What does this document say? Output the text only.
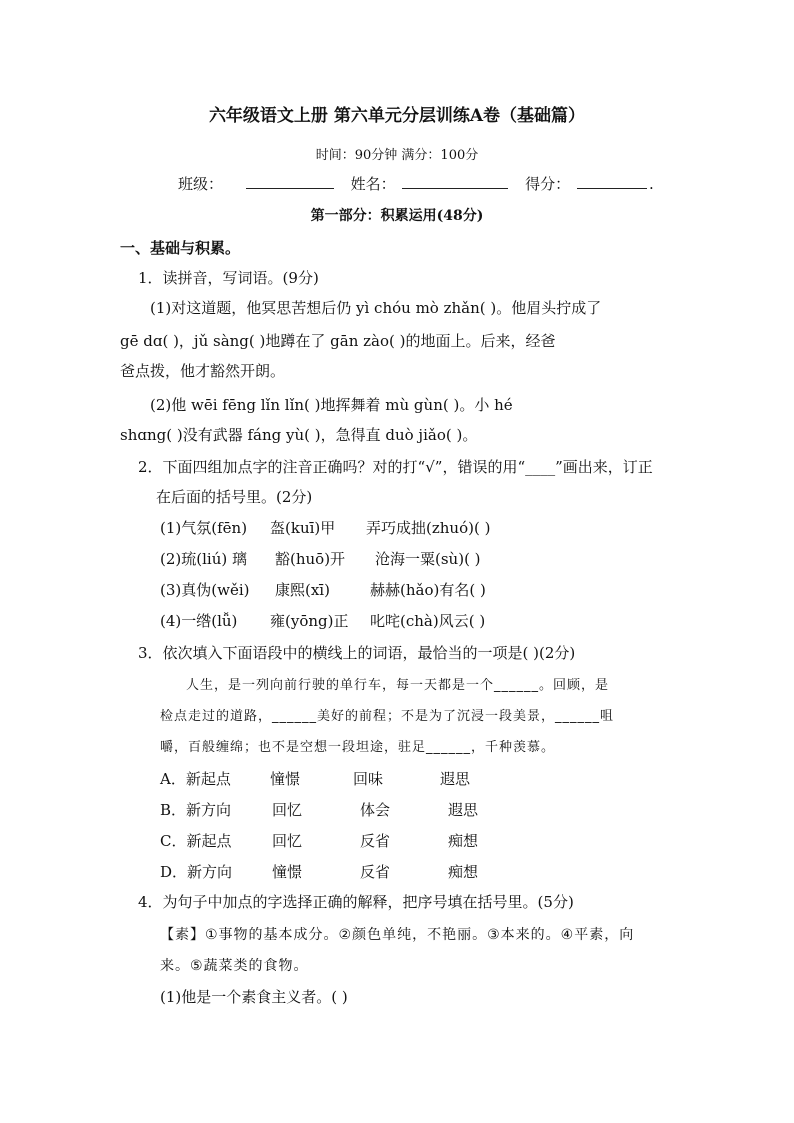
六年级语文上册 第六单元分层训练A卷（基础篇）
时间：90分钟 满分：100分
班级：	姓名：	得分：	.
第一部分：积累运用(48分)
一、基础与积累。
1．读拼音，写词语。(9分)
(1)对这道题，他冥思苦想后仍 yì chóu mò zhǎn( )。他眉头拧成了
gē dɑ( )，jǔ sàng( )地蹲在了 gān zào( )的地面上。后来，经爸
爸点拨，他才豁然开朗。
(2)他 wēi fēng lǐn lǐn( )地挥舞着 mù gùn( )。小 hé
shɑng( )没有武器 fáng yù( )，急得直 duò jiǎo( )。
2．下面四组加点字的注音正确吗？对的打“√”，错误的用“____”画出来，订正
在后面的括号里。(2分)
(1)气氛(fēn) 盔(kuī)甲 弄巧成拙(zhuó)( )
(2)琉(liú) 璃 豁(huō)开 沧海一粟(sù)( )
(3)真伪(wěi) 康熙(xī)	赫赫(hǎo)有名( )
(4)一绺(lǚ) 雍(yōng)正 叱咤(chà)风云( )
3．依次填入下面语段中的横线上的词语，最恰当的一项是( )(2分)
人生，是一列向前行驶的单行车，每一天都是一个______。回顾，是
检点走过的道路，______美好的前程；不是为了沉浸一段美景，______咀
嚼，百般缠绵；也不是空想一段坦途，驻足______，千种羡慕。
A．新起点	憧憬	回味	遐思
B．新方向	回忆	体会	遐思
C．新起点	回忆	反省	痴想
D．新方向	憧憬	反省	痴想
4．为句子中加点的字选择正确的解释，把序号填在括号里。(5分)
【素】①事物的基本成分。②颜色单纯，不艳丽。③本来的。④平素，向
来。⑤蔬菜类的食物。
(1)他是一个素食主义者。( )
